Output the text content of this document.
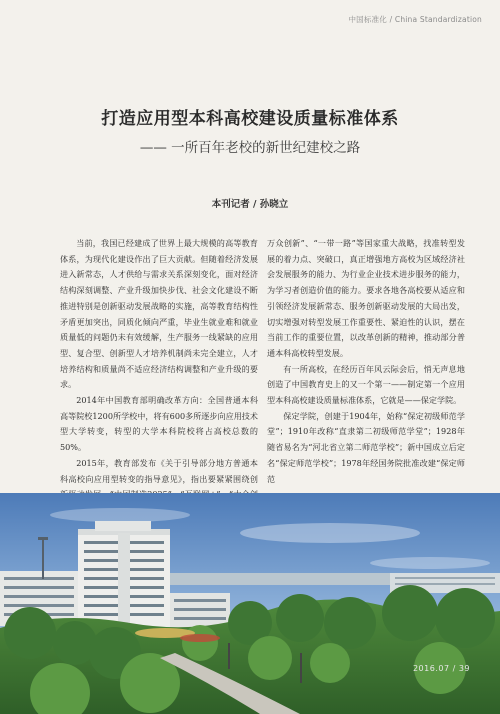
中国标准化 / China Standardization
打造应用型本科高校建设质量标准体系
—— 一所百年老校的新世纪建校之路
本刊记者 / 孙晓立

当前，我国已经建成了世界上最大规模的高等教育体系，为现代化建设作出了巨大贡献。但随着经济发展进入新常态，人才供给与需求关系深刻变化，面对经济结构深刻调整、产业升级加快步伐、社会文化建设不断推进特别是创新驱动发展战略的实施，高等教育结构性矛盾更加突出，同质化倾向严重，毕业生就业难和就业质量低的问题仍未有效缓解，生产服务一线紧缺的应用型、复合型、创新型人才培养机制尚未完全建立，人才培养结构和质量尚不适应经济结构调整和产业升级的要求。

2014年中国教育部明确改革方向：全国普通本科高等院校1200所学校中，将有600多所逐步向应用技术型大学转变，转型的大学本科院校将占高校总数的50%。

2015年，教育部发布《关于引导部分地方普通本科高校向应用型转变的指导意见》，指出要紧紧围绕创

万众创新”、“一带一路”等国家重大战略，找准转型发展的着力点、突破口，真正增强地方高校为区域经济社会发展服务的能力、为行业企业技术进步服务的能力，为学习者创造价值的能力。要求各地各高校要从适应和引领经济发展新常态、服务创新驱动发展的大局出发，切实增强对转型发展工作重要性、紧迫性的认识，摆在当前工作的重要位置，以改革创新的精神，推动部分普通本科高校转型发展。

有一所高校，在经历百年风云际会后，悄无声息地创造了中国教育史上的又一个第一——制定第一个应用型本科高校建设质量标准体系，它就是——保定学院。

保定学院，创建于1904年，始称“保定初级师范学堂”；1910年改称“直隶第二初级师范学堂”；1928年随省易名为“河北省立第二师范学校”；新中国成立后定名“保定师范学校”；1978年经国务院批准改建“保定师范

2016.07 / 39
